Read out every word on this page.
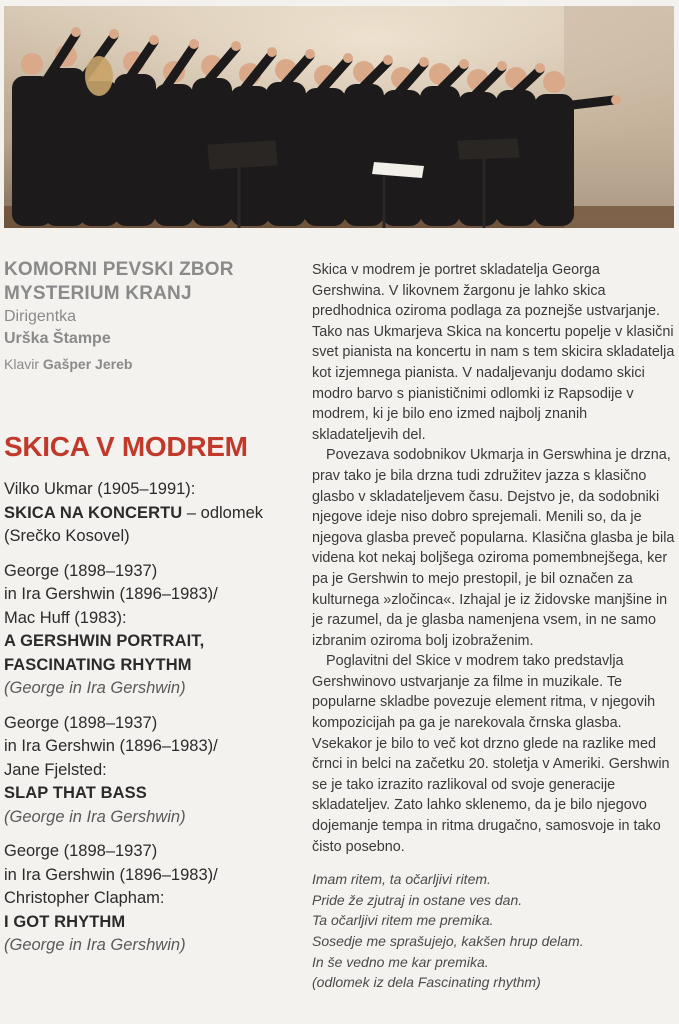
KOMORNI PEVSKI ZBOR
MYSTERIUM KRANJ

Dirigentka

Urška Štampe

Klavir Gašper Jereb
SKICA V MODREM

Vilko Ukmar (1905–1991):

SKICA NA KONCERTU – odlomek

(Srečko Kosovel)

George (1898–1937)

in Ira Gershwin (1896–1983)/

Mac Huff (1983):

A GERSHWIN PORTRAIT,

FASCINATING RHYTHM

(George in Ira Gershwin)

George (1898–1937)

in Ira Gershwin (1896–1983)/

Jane Fjelsted:

SLAP THAT BASS

(George in Ira Gershwin)

George (1898–1937)

in Ira Gershwin (1896–1983)/

Christopher Clapham:

I GOT RHYTHM

(George in Ira Gershwin)

Skica v modrem je portret skladatelja Georga Gershwina. V likovnem žargonu je lahko skica predhodnica oziroma podlaga za poznejše ustvarjanje. Tako nas Ukmarjeva Skica na koncertu popelje v klasični svet pianista na koncertu in nam s tem skicira skladatelja kot izjemnega pianista. V nadaljevanju dodamo skici modro barvo s pianističnimi odlomki iz Rapsodije v modrem, ki je bilo eno izmed najbolj znanih skladateljevih del.

Povezava sodobnikov Ukmarja in Gerswhina je drzna, prav tako je bila drzna tudi združitev jazza s klasično glasbo v skladateljevem času. Dejstvo je, da sodobniki njegove ideje niso dobro sprejemali. Menili so, da je njegova glasba preveč popularna. Klasična glasba je bila videna kot nekaj boljšega oziroma pomembnejšega, ker pa je Gershwin to mejo prestopil, je bil označen za kulturnega »zločinca«. Izhajal je iz židovske manjšine in je razumel, da je glasba namenjena vsem, in ne samo izbranim oziroma bolj izobraženim.

Poglavitni del Skice v modrem tako predstavlja Gershwinovo ustvarjanje za filme in muzikale. Te popularne skladbe povezuje element ritma, v njegovih kompozicijah pa ga je narekovala črnska glasba. Vsekakor je bilo to več kot drzno glede na razlike med črnci in belci na začetku 20. stoletja v Ameriki. Gershwin se je tako izrazito razlikoval od svoje generacije skladateljev. Zato lahko sklenemo, da je bilo njegovo dojemanje tempa in ritma drugačno, samosvoje in tako čisto posebno.

Imam ritem, ta očarljivi ritem.

Pride že zjutraj in ostane ves dan.

Ta očarljivi ritem me premika.

Sosedje me sprašujejo, kakšen hrup delam.

In še vedno me kar premika.

(odlomek iz dela Fascinating rhythm)
